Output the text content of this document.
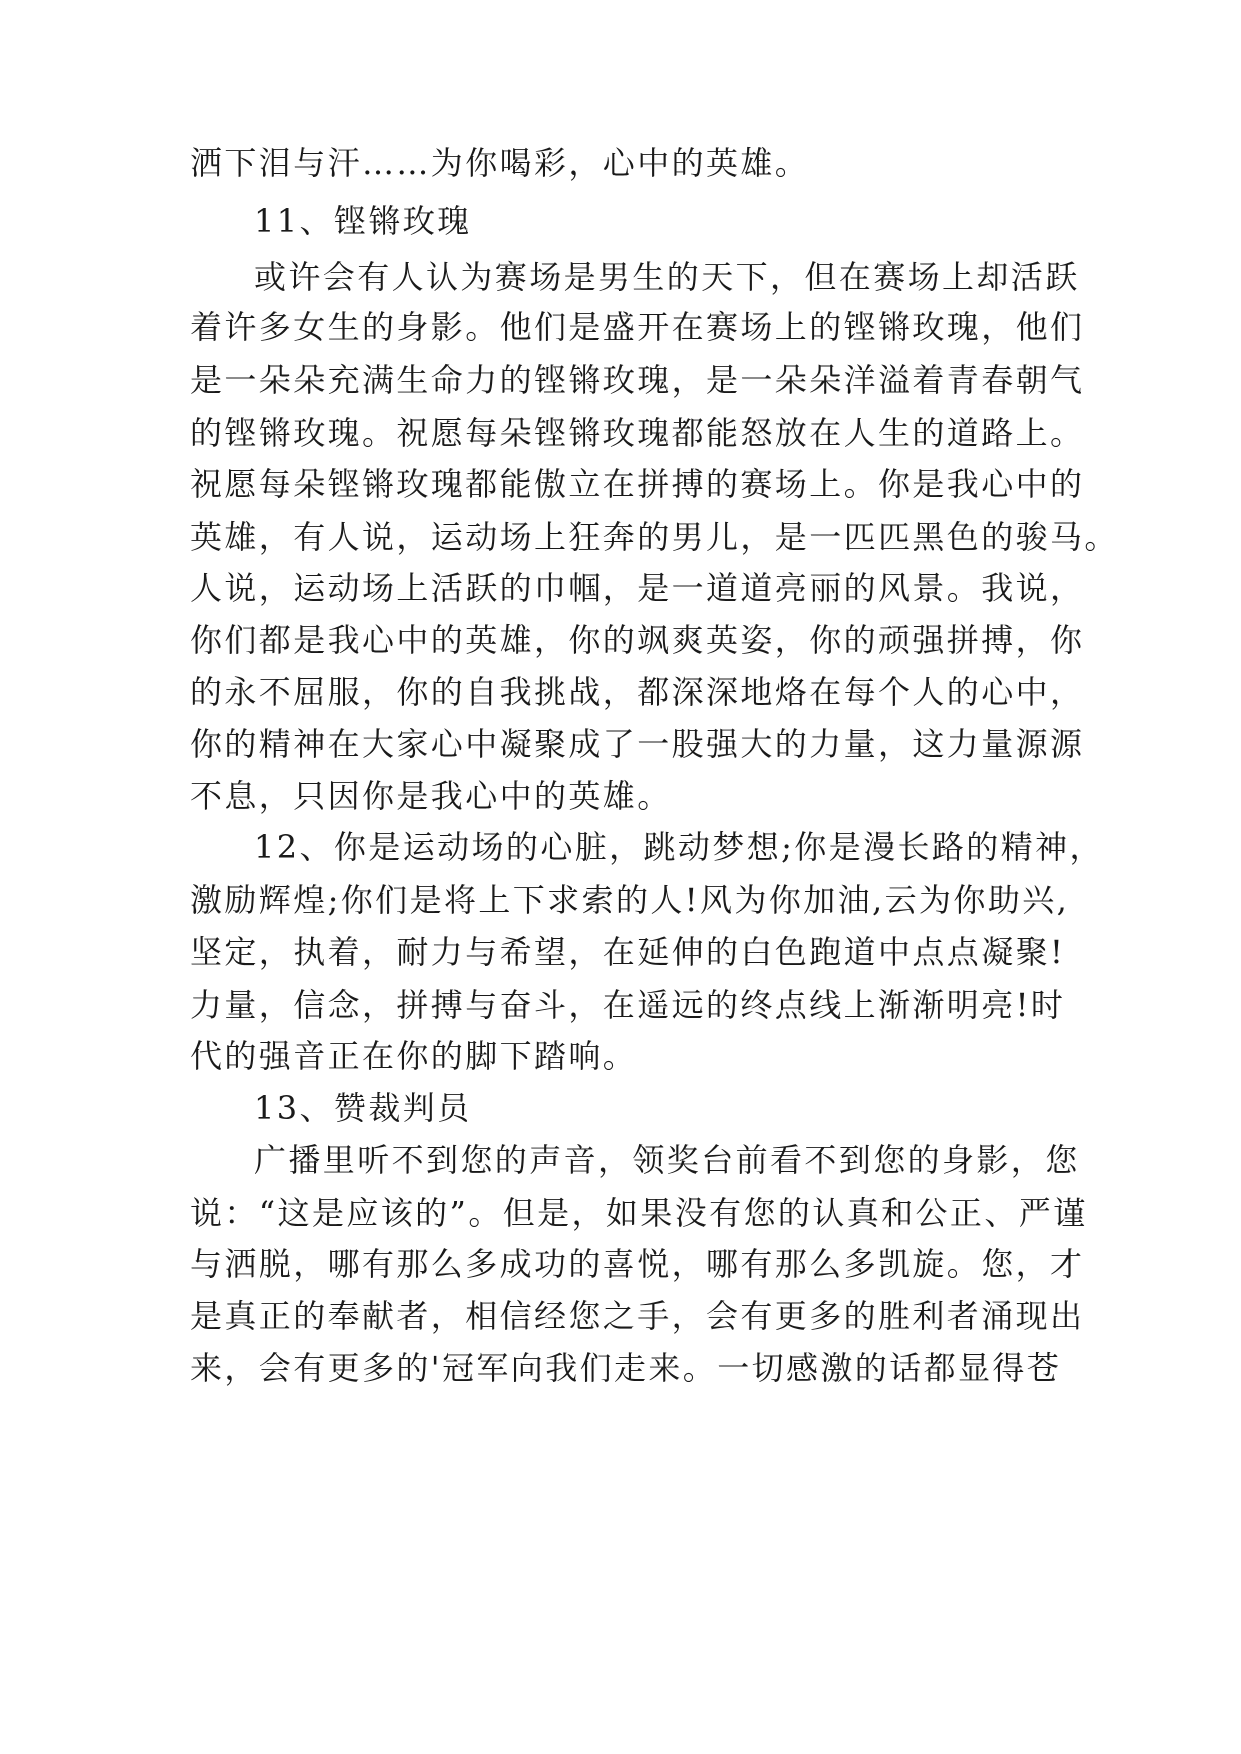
洒下泪与汗……为你喝彩，心中的英雄。
11、铿锵玫瑰
或许会有人认为赛场是男生的天下，但在赛场上却活跃
着许多女生的身影。他们是盛开在赛场上的铿锵玫瑰，他们
是一朵朵充满生命力的铿锵玫瑰，是一朵朵洋溢着青春朝气
的铿锵玫瑰。祝愿每朵铿锵玫瑰都能怒放在人生的道路上。
祝愿每朵铿锵玫瑰都能傲立在拼搏的赛场上。你是我心中的
英雄，有人说，运动场上狂奔的男儿，是一匹匹黑色的骏马。
人说，运动场上活跃的巾帼，是一道道亮丽的风景。我说，
你们都是我心中的英雄，你的飒爽英姿，你的顽强拼搏，你
的永不屈服，你的自我挑战，都深深地烙在每个人的心中，
你的精神在大家心中凝聚成了一股强大的力量，这力量源源
不息，只因你是我心中的英雄。
12、你是运动场的心脏，跳动梦想;你是漫长路的精神，
激励辉煌;你们是将上下求索的人!风为你加油,云为你助兴,
坚定，执着，耐力与希望，在延伸的白色跑道中点点凝聚!
力量，信念，拼搏与奋斗，在遥远的终点线上渐渐明亮!时
代的强音正在你的脚下踏响。
13、赞裁判员
广播里听不到您的声音，领奖台前看不到您的身影，您
说：“这是应该的”。但是，如果没有您的认真和公正、严谨
与洒脱，哪有那么多成功的喜悦，哪有那么多凯旋。您，才
是真正的奉献者，相信经您之手，会有更多的胜利者涌现出
来，会有更多的'冠军向我们走来。一切感激的话都显得苍
